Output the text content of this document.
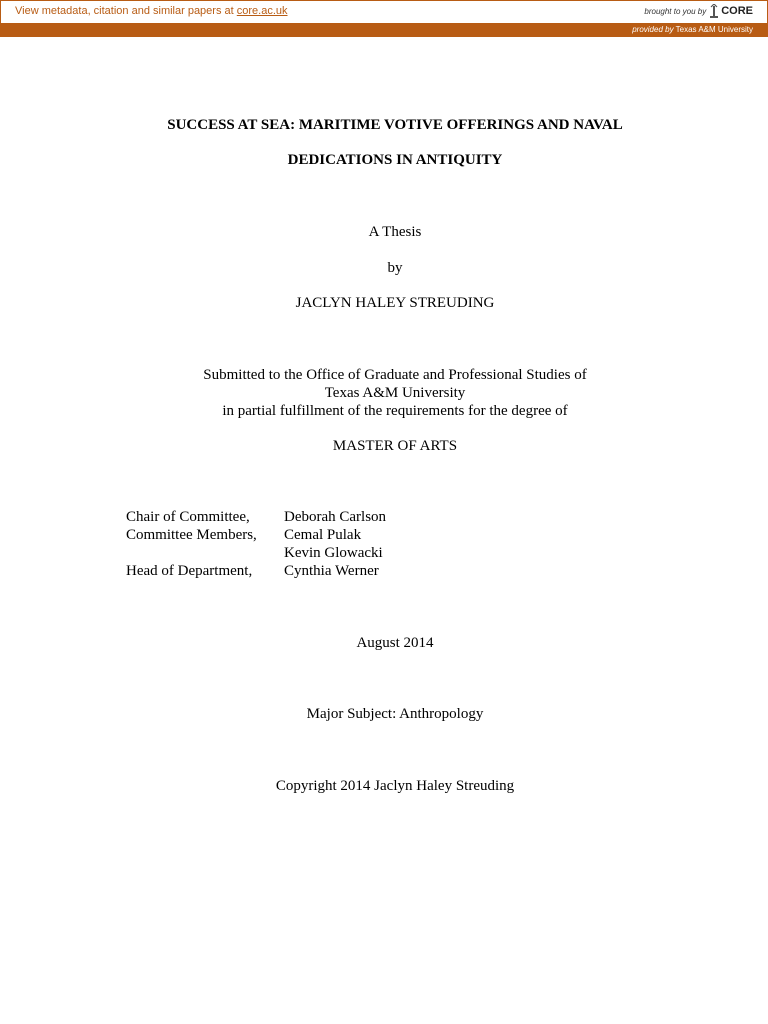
View metadata, citation and similar papers at core.ac.uk	brought to you by CORE
provided by Texas A&M University
SUCCESS AT SEA: MARITIME VOTIVE OFFERINGS AND NAVAL
DEDICATIONS IN ANTIQUITY
A Thesis
by
JACLYN HALEY STREUDING
Submitted to the Office of Graduate and Professional Studies of
Texas A&M University
in partial fulfillment of the requirements for the degree of
MASTER OF ARTS
Chair of Committee,	Deborah Carlson
Committee Members,	Cemal Pulak
Kevin Glowacki
Head of Department,	Cynthia Werner
August 2014
Major Subject: Anthropology
Copyright 2014 Jaclyn Haley Streuding
